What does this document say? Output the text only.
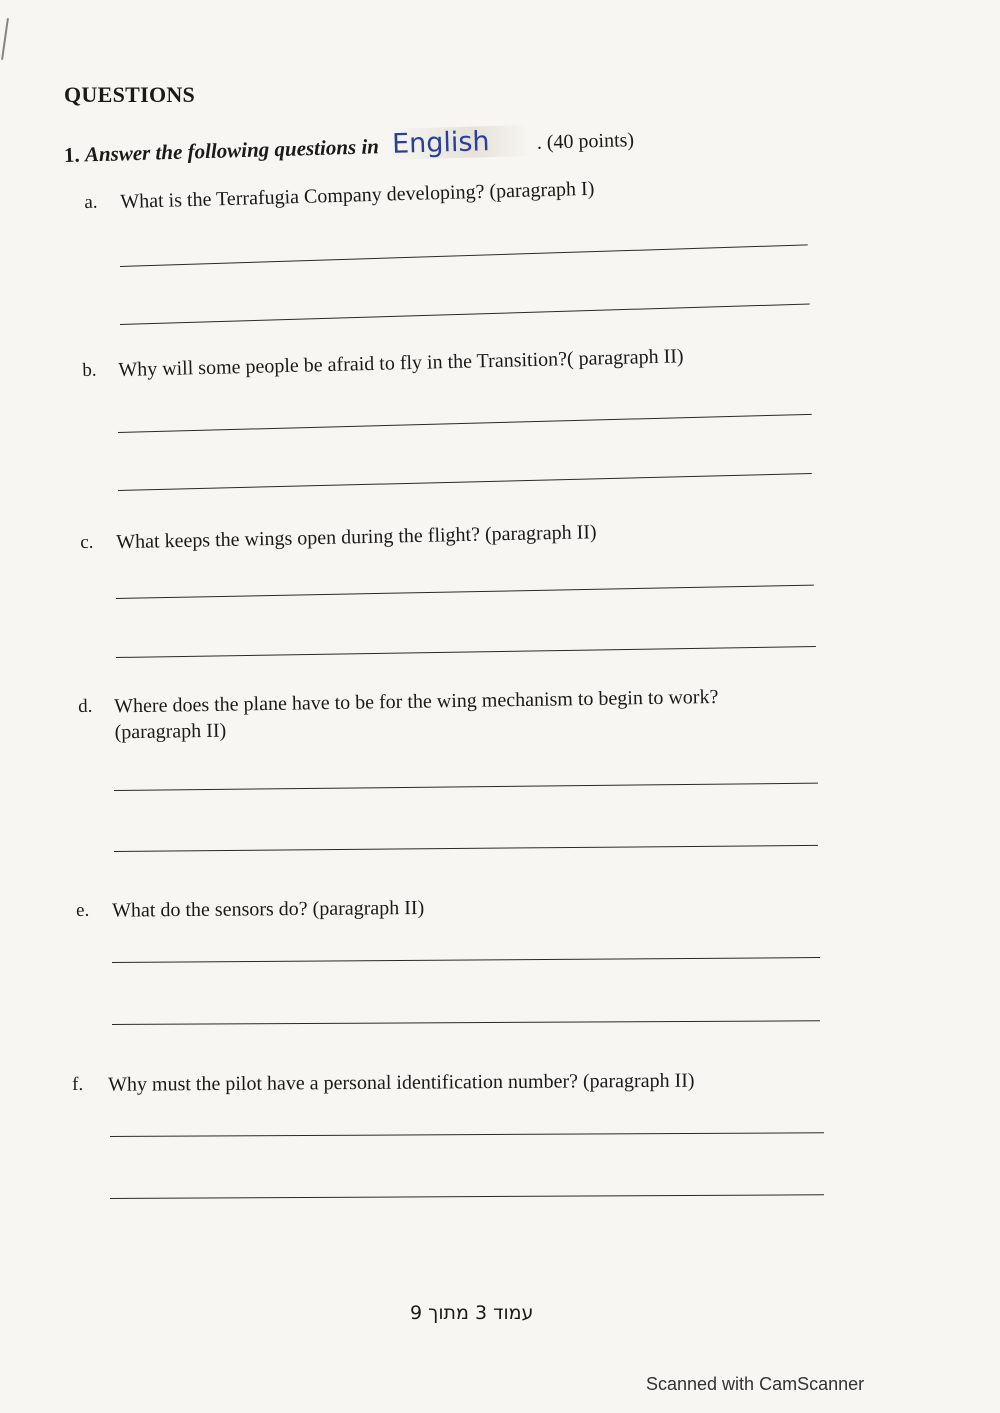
QUESTIONS
1. Answer the following questions in English . (40 points)
a. What is the Terrafugia Company developing? (paragraph I)
b. Why will some people be afraid to fly in the Transition?( paragraph II)
c. What keeps the wings open during the flight? (paragraph II)
d. Where does the plane have to be for the wing mechanism to begin to work? (paragraph II)
e. What do the sensors do? (paragraph II)
f. Why must the pilot have a personal identification number? (paragraph II)
עמוד 3 מתוך 9
Scanned with CamScanner
